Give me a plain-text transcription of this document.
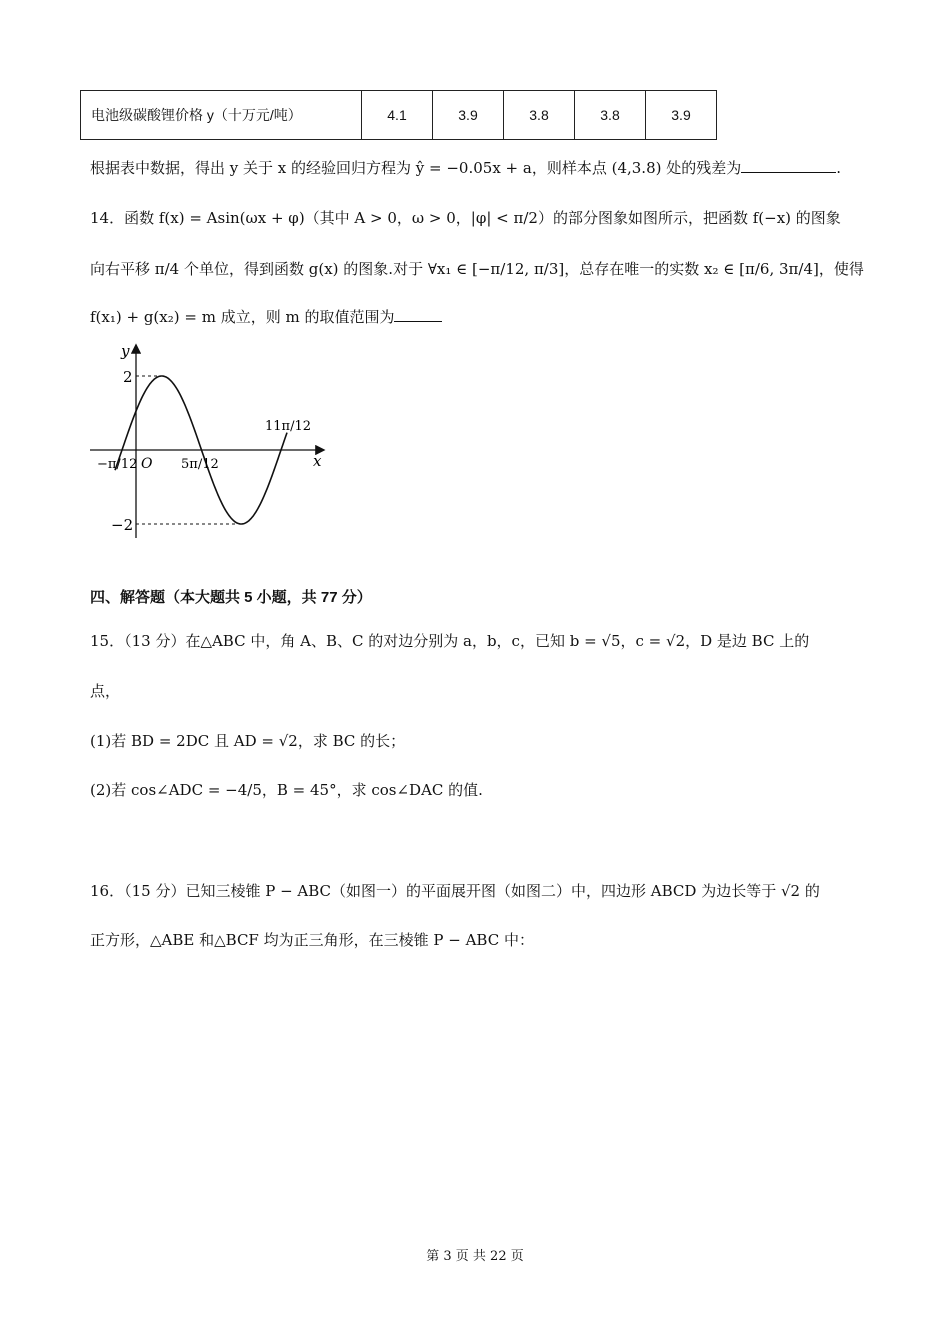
电池级碳酸锂价格 y（十万元/吨）	4.1	3.9	3.8	3.8	3.9
根据表中数据，得出 y 关于 x 的经验回归方程为 ŷ = −0.05x + a，则样本点 (4,3.8) 处的残差为	.
14．函数 f(x) = Asin(ωx + φ)（其中 A > 0，ω > 0，|φ| < π/2）的部分图象如图所示，把函数 f(−x) 的图象
向右平移 π/4 个单位，得到函数 g(x) 的图象.对于 ∀x₁ ∈ [−π/12, π/3]，总存在唯一的实数 x₂ ∈ [π/6, 3π/4]，使得
f(x₁) + g(x₂) = m 成立，则 m 的取值范围为
y
x
O
2
−2
−π/12	5π/12
11π/12
四、解答题（本大题共 5 小题，共 77 分）
15．（13 分）在△ABC 中，角 A、B、C 的对边分别为 a，b，c，已知 b = √5，c = √2，D 是边 BC 上的
点，
(1)若 BD = 2DC 且 AD = √2，求 BC 的长；
(2)若 cos∠ADC = −4/5，B = 45°，求 cos∠DAC 的值.
16．（15 分）已知三棱锥 P − ABC（如图一）的平面展开图（如图二）中，四边形 ABCD 为边长等于 √2 的
正方形，△ABE 和△BCF 均为正三角形，在三棱锥 P − ABC 中：
第 3 页 共 22 页
